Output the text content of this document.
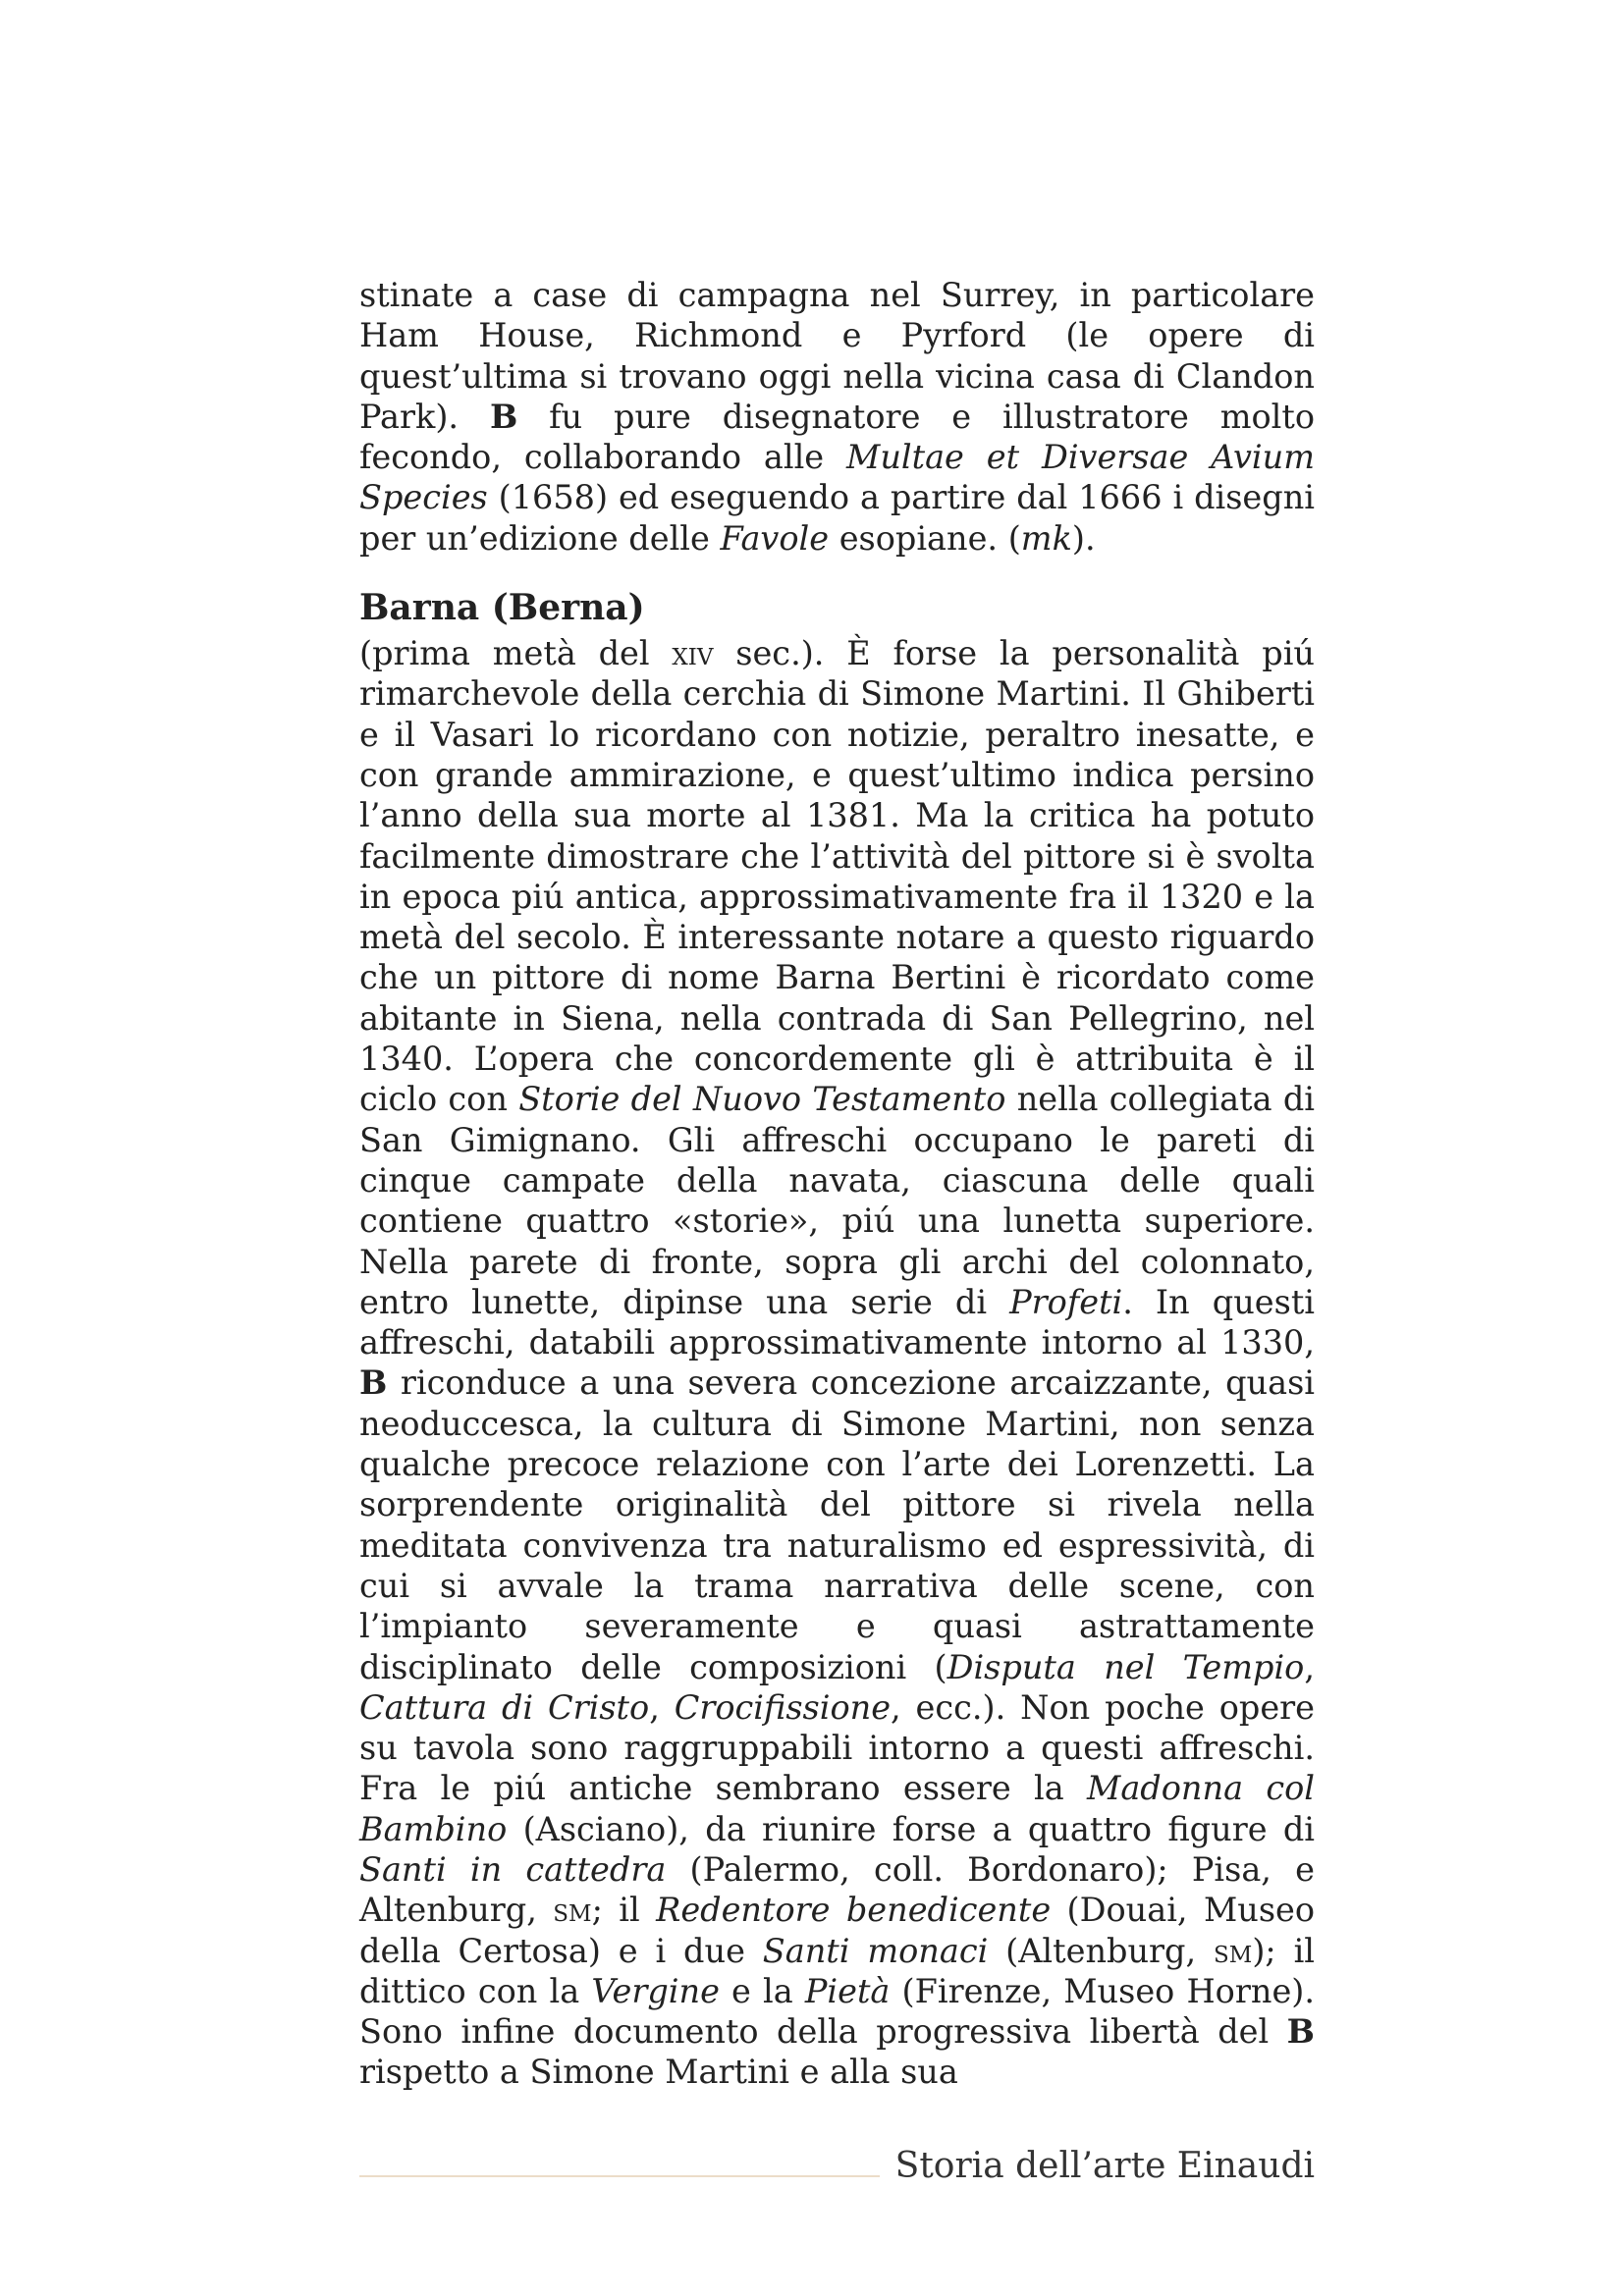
stinate a case di campagna nel Surrey, in particolare Ham House, Richmond e Pyrford (le opere di quest’ultima si trovano oggi nella vicina casa di Clandon Park). B fu pure disegnatore e illustratore molto fecondo, collaborando alle Multae et Diversae Avium Species (1658) ed eseguendo a partire dal 1666 i disegni per un’edizione delle Favole esopiane. (mk).

Barna (Berna)

(prima metà del xiv sec.). È forse la personalità piú rimarchevole della cerchia di Simone Martini. Il Ghiberti e il Vasari lo ricordano con notizie, peraltro inesatte, e con grande ammirazione, e quest’ultimo indica persino l’anno della sua morte al 1381. Ma la critica ha potuto facilmente dimostrare che l’attività del pittore si è svolta in epoca piú antica, approssimativamente fra il 1320 e la metà del secolo. È interessante notare a questo riguardo che un pittore di nome Barna Bertini è ricordato come abitante in Siena, nella contrada di San Pellegrino, nel 1340. L’opera che concordemente gli è attribuita è il ciclo con Storie del Nuovo Testamento nella collegiata di San Gimignano. Gli affreschi occupano le pareti di cinque campate della navata, ciascuna delle quali contiene quattro «storie», piú una lunetta superiore. Nella parete di fronte, sopra gli archi del colonnato, entro lunette, dipinse una serie di Profeti. In questi affreschi, databili approssimativamente intorno al 1330, B riconduce a una severa concezione arcaizzante, quasi neoduccesca, la cultura di Simone Martini, non senza qualche precoce relazione con l’arte dei Lorenzetti. La sorprendente originalità del pittore si rivela nella meditata convivenza tra naturalismo ed espressività, di cui si avvale la trama narrativa delle scene, con l’impianto severamente e quasi astrattamente disciplinato delle composizioni (Disputa nel Tempio, Cattura di Cristo, Crocifissione, ecc.). Non poche opere su tavola sono raggruppabili intorno a questi affreschi. Fra le piú antiche sembrano essere la Madonna col Bambino (Asciano), da riunire forse a quattro figure di Santi in cattedra (Palermo, coll. Bordonaro); Pisa, e Altenburg, sm; il Redentore benedicente (Douai, Museo della Certosa) e i due Santi monaci (Altenburg, sm); il dittico con la Vergine e la Pietà (Firenze, Museo Horne). Sono infine documento della progressiva libertà del B rispetto a Simone Martini e alla sua

Storia dell’arte Einaudi
